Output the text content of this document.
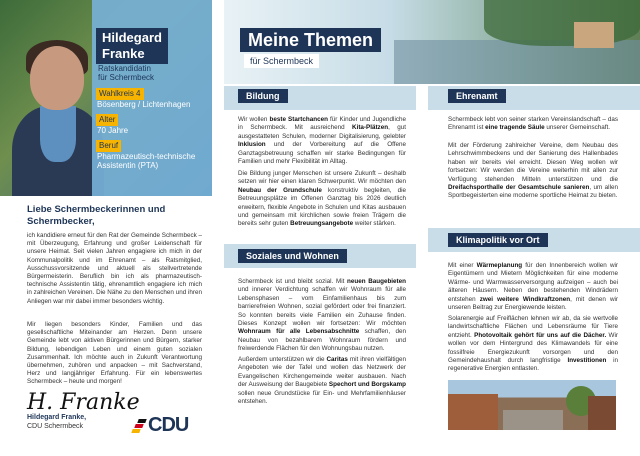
Hildegard
Franke
Ratskandidatin
für Schermbeck
Wahlkreis 4
Bösenberg / Lichtenhagen
Alter
70 Jahre
Beruf
Pharmazeutisch-technische
Assistentin (PTA)
Liebe Schermbeckerinnen und
Schermbecker,
ich kandidiere erneut für den Rat der Gemeinde Schermbeck – mit Überzeugung, Erfahrung und großer Leidenschaft für unsere Heimat. Seit vielen Jahren engagiere ich mich in der Kommunalpolitik und im Ehrenamt – als Ratsmitglied, Ausschussvorsitzende und aktuell als stellvertretende Bürgermeisterin. Beruflich bin ich als pharmazeutisch-technische Assistentin tätig, ehrenamtlich engagiere ich mich in zahlreichen Vereinen. Die Nähe zu den Menschen und ihren Anliegen war mir dabei immer besonders wichtig.
Mir liegen besonders Kinder, Familien und das gesellschaftliche Miteinander am Herzen. Denn unsere Gemeinde lebt von aktiven Bürgerinnen und Bürgern, starker Bildung, lebendigen Leben und einem guten sozialen Zusammenhalt. Ich möchte auch in Zukunft Verantwortung übernehmen, zuhören und anpacken – mit Sachverstand, Herz und langjähriger Erfahrung. Für ein lebenswertes Schermbeck – heute und morgen!
H. Franke
Hildegard Franke,
CDU Schermbeck	CDU
Meine Themen
für Schermbeck
Bildung
Wir wollen beste Startchancen für Kinder und Jugendliche in Schermbeck. Mit ausreichend Kita-Plätzen, gut ausgestatteten Schulen, moderner Digitalisierung, gelebter Inklusion und der Vorbereitung auf die Offene Ganztagsbetreuung schaffen wir starke Bedingungen für Familien und mehr Flexibilität im Alltag.
Die Bildung junger Menschen ist unsere Zukunft – deshalb setzen wir hier einen klaren Schwerpunkt. Wir möchten den Neubau der Grundschule konstruktiv begleiten, die Betreuungsplätze im Offenen Ganztag bis 2026 deutlich erweitern, flexible Angebote in Schulen und Kitas ausbauen und gemeinsam mit kirchlichen sowie freien Trägern die bereits sehr guten Betreuungsangebote weiter stärken.
Soziales und Wohnen
Schermbeck ist und bleibt sozial. Mit neuen Baugebieten und innerer Verdichtung schaffen wir Wohnraum für alle Lebensphasen – vom Einfamilienhaus bis zum barrierefreien Wohnen, sozial gefördert oder frei finanziert. So konnten bereits viele Familien ein Zuhause finden. Dieses Konzept wollen wir fortsetzen: Wir möchten Wohnraum für alle Lebensabschnitte schaffen, den Neubau von bezahlbarem Wohnraum fördern und freiwerdende Flächen für den Wohnungsbau nutzen.
Außerdem unterstützen wir die Caritas mit ihren vielfältigen Angeboten wie der Tafel und wollen das Netzwerk der Evangelischen Kirchengemeinde weiter ausbauen. Nach der Ausweisung der Baugebiete Spechort und Borgskamp sollen neue Grundstücke für Ein- und Mehrfamilienhäuser entstehen.
Ehrenamt
Schermbeck lebt von seiner starken Vereinslandschaft – das Ehrenamt ist eine tragende Säule unserer Gemeinschaft.
Mit der Förderung zahlreicher Vereine, dem Neubau des Lehrschwimmbeckens und der Sanierung des Hallenbades haben wir bereits viel erreicht. Diesen Weg wollen wir fortsetzen: Wir werden die Vereine weiterhin mit allen zur Verfügung stehenden Mitteln unterstützen und die Dreifachsporthalle der Gesamtschule sanieren, um allen Sportbegeisterten eine moderne sportliche Heimat zu bieten.
Klimapolitik vor Ort
Mit einer Wärmeplanung für den Innenbereich wollen wir Eigentümern und Mietern Möglichkeiten für eine moderne Wärme- und Warmwasserversorgung aufzeigen – auch bei älteren Häusern. Neben den bestehenden Windrädern entstehen zwei weitere Windkraftzonen, mit denen wir unseren Beitrag zur Energiewende leisten.
Solarenergie auf Freiflächen lehnen wir ab, da sie wertvolle landwirtschaftliche Flächen und Lebensräume für Tiere entzieht. Photovoltaik gehört für uns auf die Dächer. Wir wollen vor dem Hintergrund des Klimawandels für eine fossilfreie Energiezukunft vorsorgen und den Gemeindehaushalt durch langfristige Investitionen in regenerative Energien entlasten.
